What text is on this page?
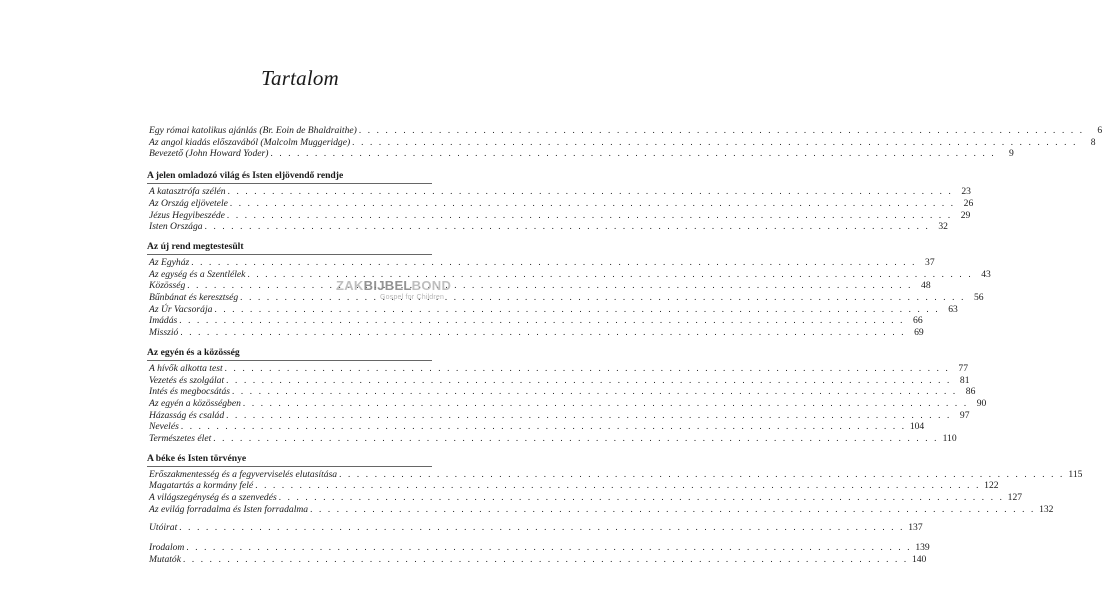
Tartalom
Egy római katolikus ajánlás (Br. Eoin de Bhaldraithe) . . .	6
Az angol kiadás előszavából (Malcolm Muggeridge) . . .	8
Bevezető (John Howard Yoder) . . .	9
A jelen omladozó világ és Isten eljövendő rendje
A katasztrófa szélén . . .	23
Az Ország eljövetele . . .	26
Jézus Hegyibeszéde . . .	29
Isten Országa . . .	32
Az új rend megtestesült
Az Egyház . . .	37
Az egység és a Szentlélek . . .	43
Közösség . . .	48
Bűnbánat és keresztség . . .	56
Az Úr Vacsorája . . .	63
Imádás . . .	66
Misszió . . .	69
Az egyén és a közösség
A hívők alkotta test . . .	77
Vezetés és szolgálat . . .	81
Intés és megbocsátás . . .	86
Az egyén a közösségben . . .	90
Házasság és család . . .	97
Nevelés . . .	104
Természetes élet . . .	110
A béke és Isten törvénye
Erőszakmentesség és a fegyverviselés elutasítása . . .	115
Magatartás a kormány felé . . .	122
A világszegénység és a szenvedés . . .	127
Az evilág forradalma és Isten forradalma . . .	132
Utóirat . . .	137
Irodalom . . .	139
Mutatók . . .	140
ZAKBIJBELBOND
Gospel for Children
